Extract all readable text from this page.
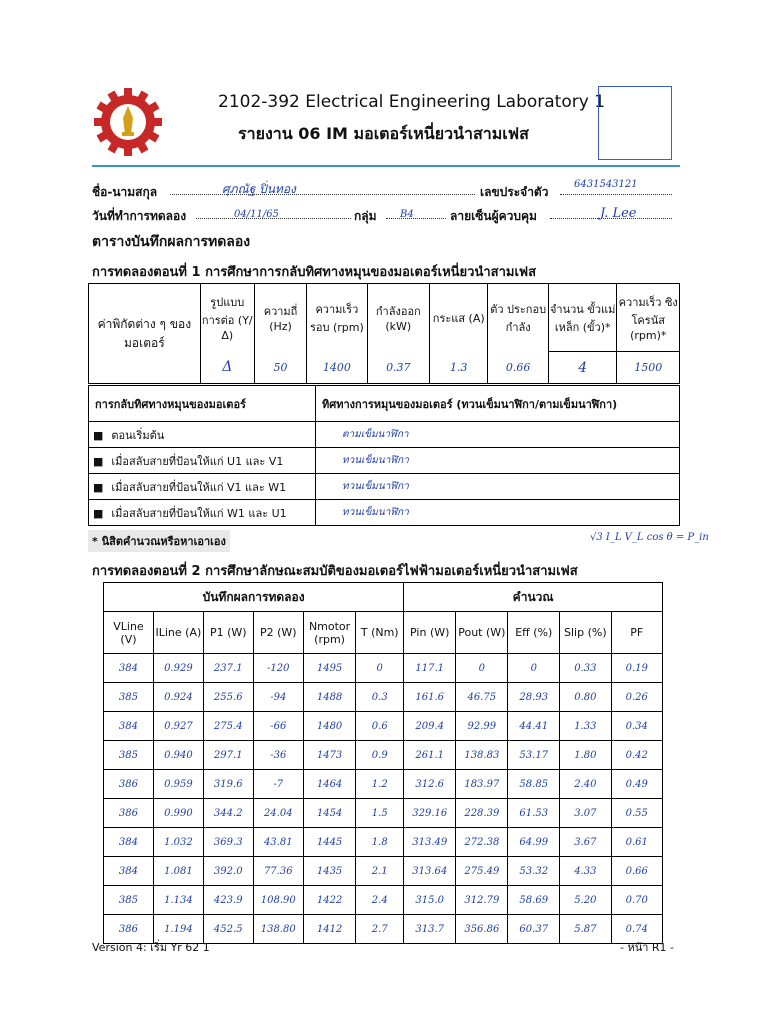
2102-392 Electrical Engineering Laboratory 1
รายงาน 06 IM มอเตอร์เหนี่ยวนำสามเฟส
ชื่อ-นามสกุล	ศุภณัฐ ปิ่นทอง	เลขประจำตัว
$^{6431543121}$
วันที่ทำการทดลอง	04/11/65	กลุ่ม	B4	ลายเซ็นผู้ควบคุม	J. Lee
ตารางบันทึกผลการทดลอง
การทดลองตอนที่ 1 การศึกษาการกลับทิศทางหมุนของมอเตอร์เหนี่ยวนำสามเฟส
ค่าพิกัดต่าง ๆ ของมอเตอร์	รูปแบบ การต่อ (Y/Δ)	ความถี่ (Hz)	ความเร็ว รอบ (rpm)	กำลังออก (kW)	กระแส (A)	ตัว ประกอบ กำลัง	จำนวน ขั้วแม่เหล็ก (ขั้ว)*	ความเร็ว ซิงโครนัส (rpm)*
	Δ	50	1400	0.37	1.3	0.66	4	1500
การกลับทิศทางหมุนของมอเตอร์	ทิศทางการหมุนของมอเตอร์ (ทวนเข็มนาฬิกา/ตามเข็มนาฬิกา)
■ ตอนเริ่มต้น	ตามเข็มนาฬิกา
■ เมื่อสลับสายที่ป้อนให้แก่ U1 และ V1	ทวนเข็มนาฬิกา
■ เมื่อสลับสายที่ป้อนให้แก่ V1 และ W1	ทวนเข็มนาฬิกา
■ เมื่อสลับสายที่ป้อนให้แก่ W1 และ U1	ทวนเข็มนาฬิกา
* นิสิตคำนวณหรือหาเอาเอง	√3 I_L V_L cos θ = P_in
การทดลองตอนที่ 2 การศึกษาลักษณะสมบัติของมอเตอร์ไฟฟ้ามอเตอร์เหนี่ยวนำสามเฟส
บันทึกผลการทดลอง						คำนวณ				
VLine (V)	ILine (A)	P1 (W)	P2 (W)	Nmotor (rpm)	T (Nm)	Pin (W)	Pout (W)	Eff (%)	Slip (%)	PF
384	0.929	237.1	-120	1495	0	117.1	0	0	0.33	0.19
385	0.924	255.6	-94	1488	0.3	161.6	46.75	28.93	0.80	0.26
384	0.927	275.4	-66	1480	0.6	209.4	92.99	44.41	1.33	0.34
385	0.940	297.1	-36	1473	0.9	261.1	138.83	53.17	1.80	0.42
386	0.959	319.6	-7	1464	1.2	312.6	183.97	58.85	2.40	0.49
386	0.990	344.2	24.04	1454	1.5	329.16	228.39	61.53	3.07	0.55
384	1.032	369.3	43.81	1445	1.8	313.49	272.38	64.99	3.67	0.61
384	1.081	392.0	77.36	1435	2.1	313.64	275.49	53.32	4.33	0.66
385	1.134	423.9	108.90	1422	2.4	315.0	312.79	58.69	5.20	0.70
386	1.194	452.5	138.80	1412	2.7	313.7	356.86	60.37	5.87	0.74
Version 4: เริ่ม Yr 62 1	- หน้า R1 -
